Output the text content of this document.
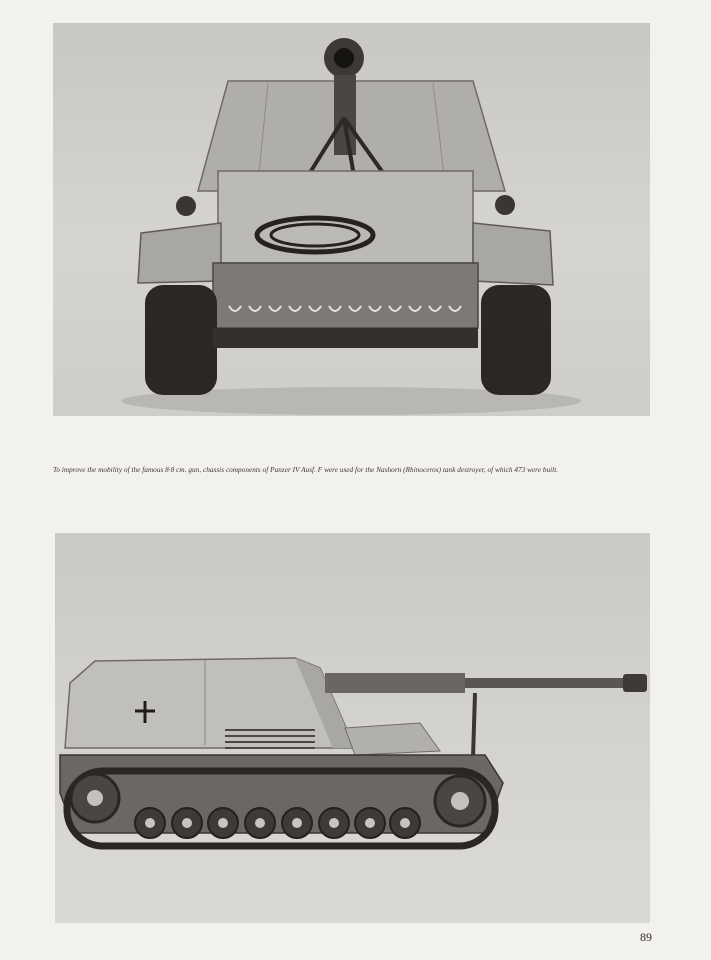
To improve the mobility of the famous 8·8 cm. gun, chassis components of Panzer IV Ausf. F were used for the Nashorn (Rhinoceros) tank destroyer, of which 473 were built.
89
